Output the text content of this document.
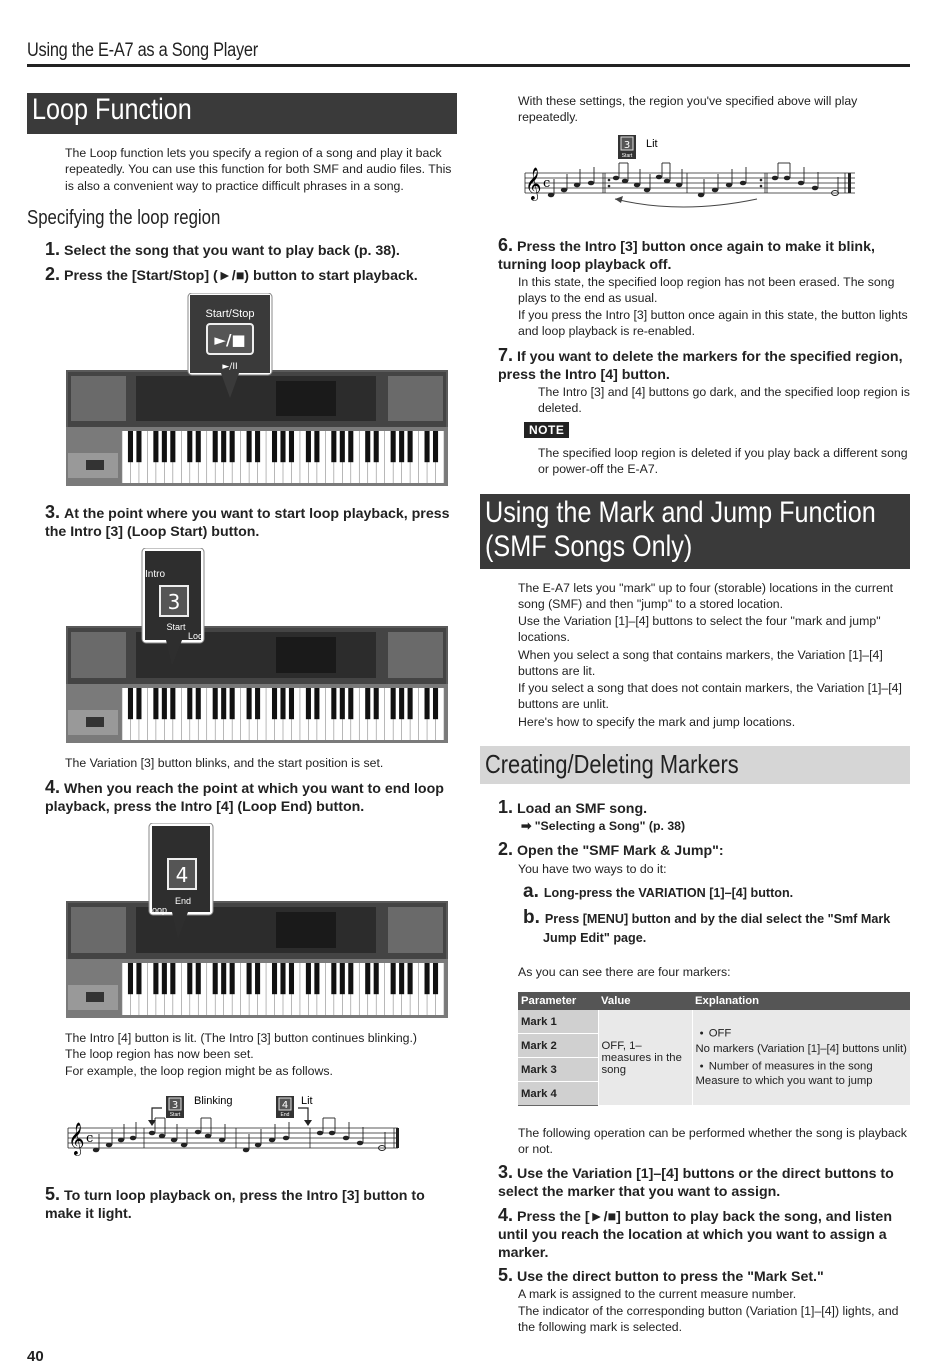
Using the E-A7 as a Song Player
Loop Function
The Loop function lets you specify a region of a song and play it back repeatedly. You can use this function for both SMF and audio files. This is also a convenient way to practice difficult phrases in a song.
Specifying the loop region
1. Select the song that you want to play back (p. 38).
2. Press the [Start/Stop] (►/■) button to start playback.
Start/Stop
►/■
►/II
3. At the point where you want to start loop playback, press the Intro [3] (Loop Start) button.
Intro
3
Start
Loo
The Variation [3] button blinks, and the start position is set.
4. When you reach the point at which you want to end loop playback, press the Intro [4] (Loop End) button.
4
End
oop
The Intro [4] button is lit. (The Intro [3] button continues blinking.)
The loop region has now been set.
For example, the loop region might be as follows.
𝄞 c
3
Start
Blinking	4
End
Lit
5. To turn loop playback on, press the Intro [3] button to make it light.
With these settings, the region you've specified above will play repeatedly.
𝄞 c
3
Start
Lit
6. Press the Intro [3] button once again to make it blink, turning loop playback off.
In this state, the specified loop region has not been erased. The song plays to the end as usual.
If you press the Intro [3] button once again in this state, the button lights and loop playback is re-enabled.
7. If you want to delete the markers for the specified region, press the Intro [4] button.
The Intro [3] and [4] buttons go dark, and the specified loop region is deleted.
NOTE
The specified loop region is deleted if you play back a different song or power-off the E-A7.
Using the Mark and Jump Function
(SMF Songs Only)
The E-A7 lets you "mark" up to four (storable) locations in the current song (SMF) and then "jump" to a stored location.
Use the Variation [1]–[4] buttons to select the four "mark and jump" locations.
When you select a song that contains markers, the Variation [1]–[4] buttons are lit.
If you select a song that does not contain markers, the Variation [1]–[4] buttons are unlit.
Here's how to specify the mark and jump locations.
Creating/Deleting Markers
1. Load an SMF song.
➡ "Selecting a Song" (p. 38)
2. Open the "SMF Mark & Jump":
You have two ways to do it:
a. Long-press the VARIATION [1]–[4] button.
b. Press [MENU] button and by the dial select the "Smf Mark Jump Edit" page.
As you can see there are four markers:
Parameter	Value	Explanation
Mark 1	OFF, 1–measures in the song	● OFF
No markers (Variation [1]–[4] buttons unlit)
● Number of measures in the song
Measure to which you want to jump

Mark 2		
Mark 3		
Mark 4		
The following operation can be performed whether the song is playback or not.
3. Use the Variation [1]–[4] buttons or the direct buttons to select the marker that you want to assign.
4. Press the [►/■] button to play back the song, and listen until you reach the location at which you want to assign a marker.
5. Use the direct button to press the "Mark Set."
A mark is assigned to the current measure number.
The indicator of the corresponding button (Variation [1]–[4]) lights, and the following mark is selected.
40
